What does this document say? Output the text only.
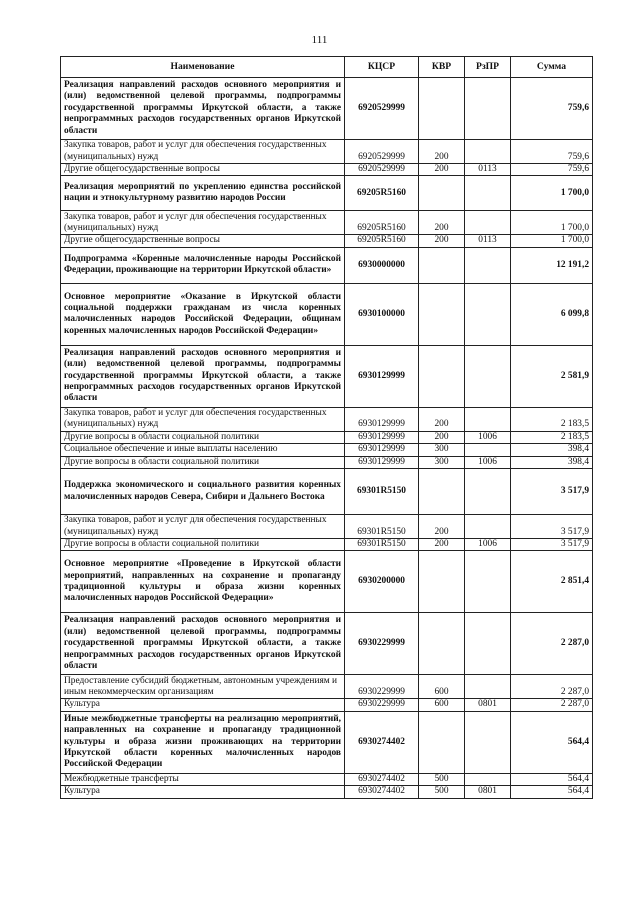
111
Наименование	КЦСР	КВР	РзПР	Сумма
Реализация направлений расходов основного мероприятия и (или) ведомственной целевой программы, подпрограммы государственной программы Иркутской области, а также непрограммных расходов государственных органов Иркутской области	6920529999			759,6
Закупка товаров, работ и услуг для обеспечения государственных (муниципальных) нужд	6920529999	200		759,6
Другие общегосударственные вопросы	6920529999	200	0113	759,6
Реализация мероприятий по укреплению единства российской нации и этнокультурному развитию народов России	69205R5160			1 700,0
Закупка товаров, работ и услуг для обеспечения государственных (муниципальных) нужд	69205R5160	200		1 700,0
Другие общегосударственные вопросы	69205R5160	200	0113	1 700,0
Подпрограмма «Коренные малочисленные народы Российской Федерации, проживающие на территории Иркутской области»	6930000000			12 191,2
Основное мероприятие «Оказание в Иркутской области социальной поддержки гражданам из числа коренных малочисленных народов Российской Федерации, общинам коренных малочисленных народов Российской Федерации»	6930100000			6 099,8
Реализация направлений расходов основного мероприятия и (или) ведомственной целевой программы, подпрограммы государственной программы Иркутской области, а также непрограммных расходов государственных органов Иркутской области	6930129999			2 581,9
Закупка товаров, работ и услуг для обеспечения государственных (муниципальных) нужд	6930129999	200		2 183,5
Другие вопросы в области социальной политики	6930129999	200	1006	2 183,5
Социальное обеспечение и иные выплаты населению	6930129999	300		398,4
Другие вопросы в области социальной политики	6930129999	300	1006	398,4
Поддержка экономического и социального развития коренных малочисленных народов Севера, Сибири и Дальнего Востока	69301R5150			3 517,9
Закупка товаров, работ и услуг для обеспечения государственных (муниципальных) нужд	69301R5150	200		3 517,9
Другие вопросы в области социальной политики	69301R5150	200	1006	3 517,9
Основное мероприятие «Проведение в Иркутской области мероприятий, направленных на сохранение и пропаганду традиционной культуры и образа жизни коренных малочисленных народов Российской Федерации»	6930200000			2 851,4
Реализация направлений расходов основного мероприятия и (или) ведомственной целевой программы, подпрограммы государственной программы Иркутской области, а также непрограммных расходов государственных органов Иркутской области	6930229999			2 287,0
Предоставление субсидий бюджетным, автономным учреждениям и иным некоммерческим организациям	6930229999	600		2 287,0
Культура	6930229999	600	0801	2 287,0
Иные межбюджетные трансферты на реализацию мероприятий, направленных на сохранение и пропаганду традиционной культуры и образа жизни проживающих на территории Иркутской области коренных малочисленных народов Российской Федерации	6930274402			564,4
Межбюджетные трансферты	6930274402	500		564,4
Культура	6930274402	500	0801	564,4
